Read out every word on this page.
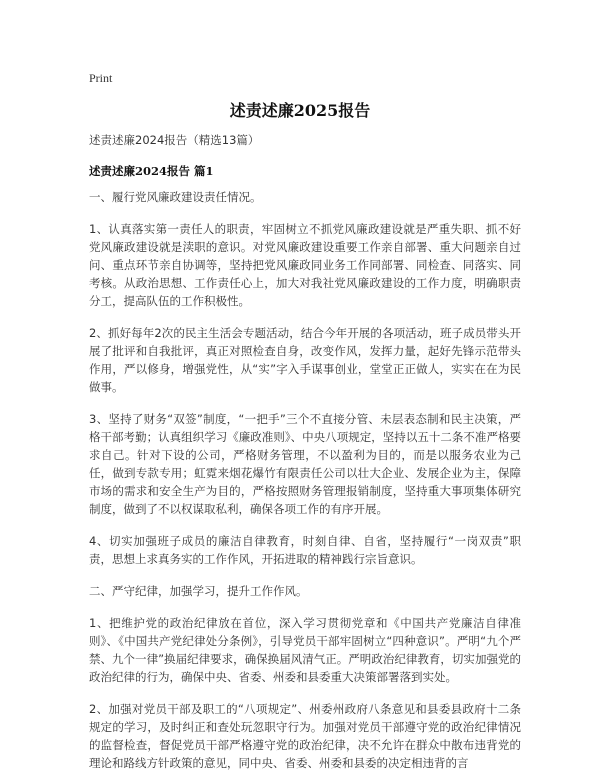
Print
述责述廉2025报告

述责述廉2024报告（精选13篇）

述责述廉2024报告 篇1

一、履行党风廉政建设责任情况。

1、认真落实第一责任人的职责，牢固树立不抓党风廉政建设就是严重失职、抓不好党风廉政建设就是渎职的意识。对党风廉政建设重要工作亲自部署、重大问题亲自过问、重点环节亲自协调等，坚持把党风廉政同业务工作同部署、同检查、同落实、同考核。从政治思想、工作责任心上，加大对我社党风廉政建设的工作力度，明确职责分工，提高队伍的工作积极性。

2、抓好每年2次的民主生活会专题活动，结合今年开展的各项活动，班子成员带头开展了批评和自我批评，真正对照检查自身，改变作风，发挥力量，起好先锋示范带头作用，严以修身，增强党性，从“实”字入手谋事创业，堂堂正正做人，实实在在为民做事。

3、坚持了财务“双签”制度，“一把手”三个不直接分管、未层表态制和民主决策，严格干部考勤；认真组织学习《廉政准则》、中央八项规定，坚持以五十二条不准严格要求自己。针对下设的公司，严格财务管理，不以盈利为目的，而是以服务农业为己任，做到专款专用；虹霓来烟花爆竹有限责任公司以壮大企业、发展企业为主，保障市场的需求和安全生产为目的，严格按照财务管理报销制度，坚持重大事项集体研究制度，做到了不以权谋取私利，确保各项工作的有序开展。

4、切实加强班子成员的廉洁自律教育，时刻自律、自省，坚持履行“一岗双责”职责，思想上求真务实的工作作风，开拓进取的精神践行宗旨意识。

二、严守纪律，加强学习，提升工作作风。

1、把维护党的政治纪律放在首位，深入学习贯彻党章和《中国共产党廉洁自律准则》、《中国共产党纪律处分条例》，引导党员干部牢固树立“四种意识”。严明“九个严禁、九个一律”换届纪律要求，确保换届风清气正。严明政治纪律教育，切实加强党的政治纪律的行为，确保中央、省委、州委和县委重大决策部署落到实处。

2、加强对党员干部及职工的“八项规定”、州委州政府八条意见和县委县政府十二条规定的学习，及时纠正和查处玩忽职守行为。加强对党员干部遵守党的政治纪律情况的监督检查，督促党员干部严格遵守党的政治纪律，决不允许在群众中散布违背党的理论和路线方针政策的意见，同中央、省委、州委和县委的决定相违背的言
